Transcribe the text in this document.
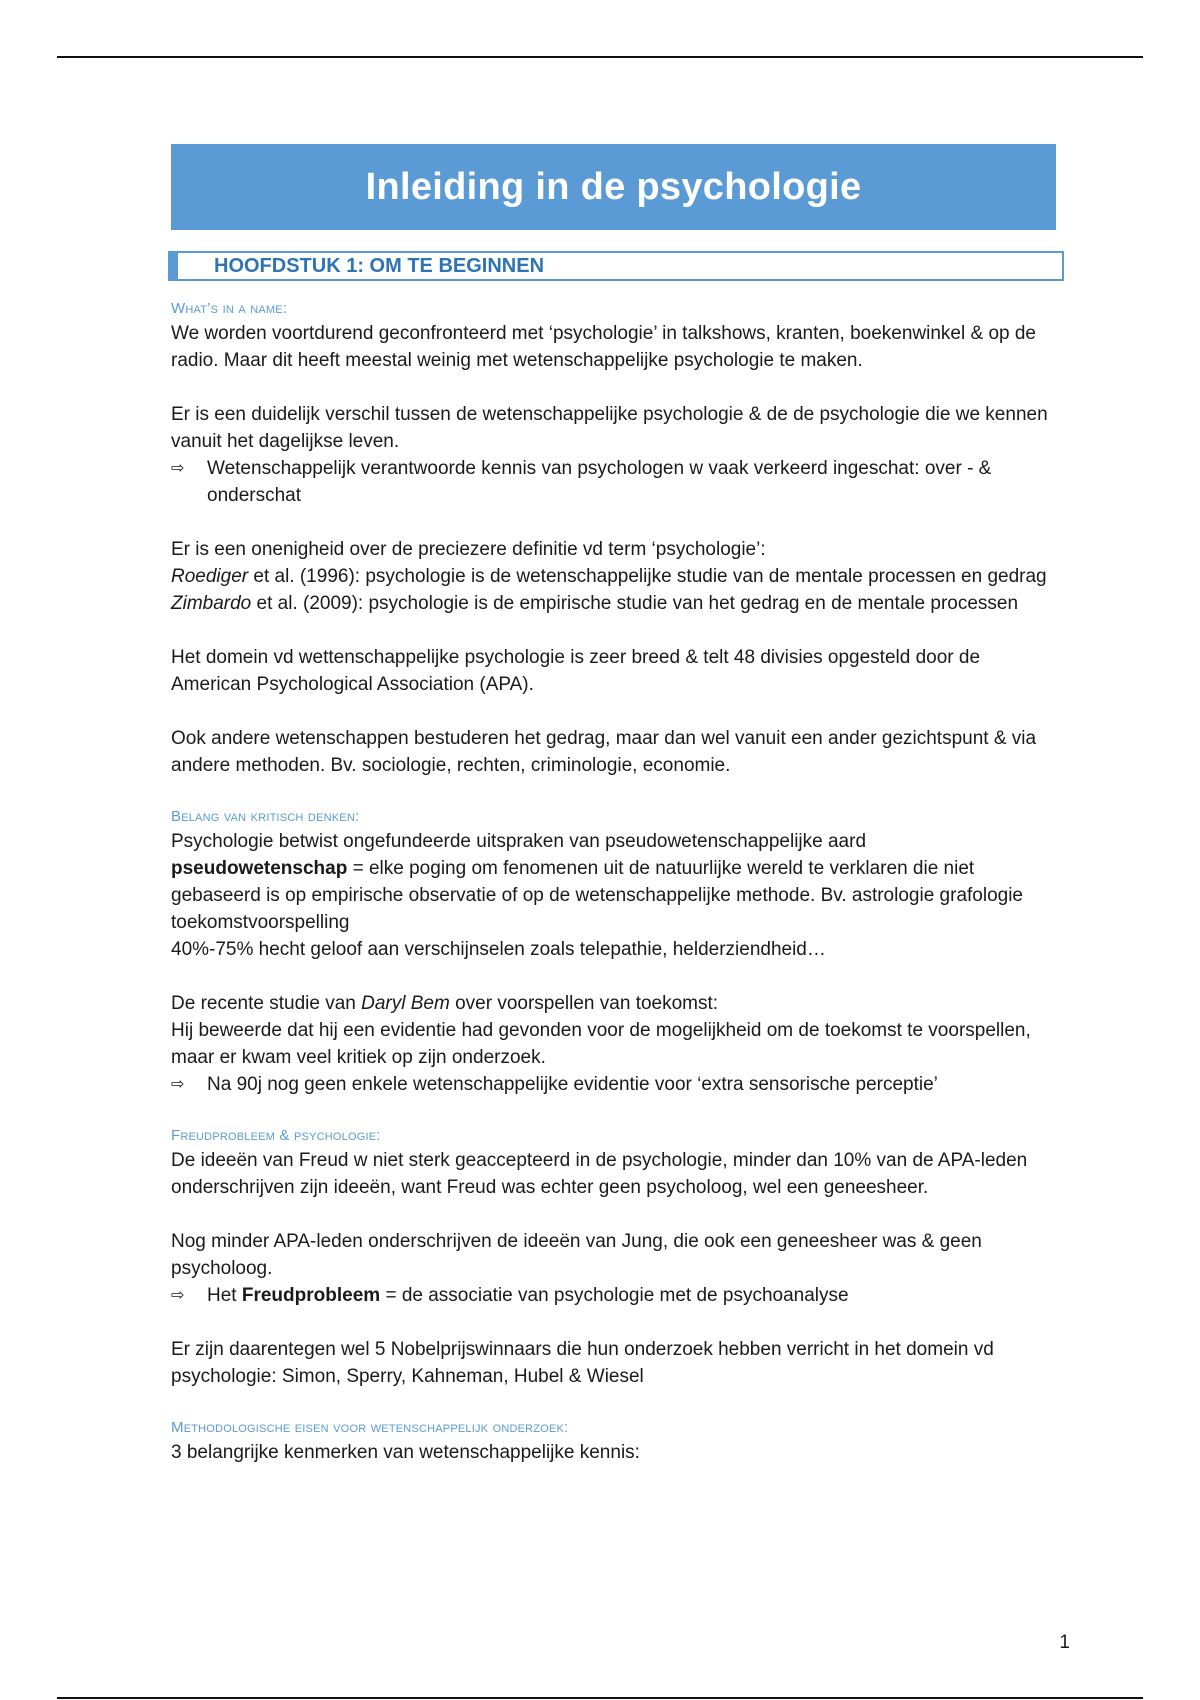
Inleiding in de psychologie
HOOFDSTUK 1: OM TE BEGINNEN
What’s in a name:

We worden voortdurend geconfronteerd met ‘psychologie’ in talkshows, kranten, boekenwinkel & op de radio. Maar dit heeft meestal weinig met wetenschappelijke psychologie te maken.

Er is een duidelijk verschil tussen de wetenschappelijke psychologie & de de psychologie die we kennen vanuit het dagelijkse leven.

⇨	Wetenschappelijk verantwoorde kennis van psychologen w vaak verkeerd ingeschat: over - & onderschat

Er is een onenigheid over de preciezere definitie vd term ‘psychologie’:

Roediger et al. (1996): psychologie is de wetenschappelijke studie van de mentale processen en gedrag

Zimbardo et al. (2009): psychologie is de empirische studie van het gedrag en de mentale processen

Het domein vd wettenschappelijke psychologie is zeer breed & telt 48 divisies opgesteld door de American Psychological Association (APA).

Ook andere wetenschappen bestuderen het gedrag, maar dan wel vanuit een ander gezichtspunt & via andere methoden. Bv. sociologie, rechten, criminologie, economie.

Belang van kritisch denken:

Psychologie betwist ongefundeerde uitspraken van pseudowetenschappelijke aard

pseudowetenschap = elke poging om fenomenen uit de natuurlijke wereld te verklaren die niet gebaseerd is op empirische observatie of op de wetenschappelijke methode. Bv. astrologie grafologie toekomstvoorspelling

40%-75% hecht geloof aan verschijnselen zoals telepathie, helderziendheid…

De recente studie van Daryl Bem over voorspellen van toekomst:

Hij beweerde dat hij een evidentie had gevonden voor de mogelijkheid om de toekomst te voorspellen, maar er kwam veel kritiek op zijn onderzoek.

⇨	Na 90j nog geen enkele wetenschappelijke evidentie voor ‘extra sensorische perceptie’
Freudprobleem & psychologie:

De ideeën van Freud w niet sterk geaccepteerd in de psychologie, minder dan 10% van de APA-leden onderschrijven zijn ideeën, want Freud was echter geen psycholoog, wel een geneesheer.

Nog minder APA-leden onderschrijven de ideeën van Jung, die ook een geneesheer was & geen psycholoog.

⇨	Het Freudprobleem = de associatie van psychologie met de psychoanalyse

Er zijn daarentegen wel 5 Nobelprijswinnaars die hun onderzoek hebben verricht in het domein vd psychologie: Simon, Sperry, Kahneman, Hubel & Wiesel

Methodologische eisen voor wetenschappelijk onderzoek:

3 belangrijke kenmerken van wetenschappelijke kennis:

1
